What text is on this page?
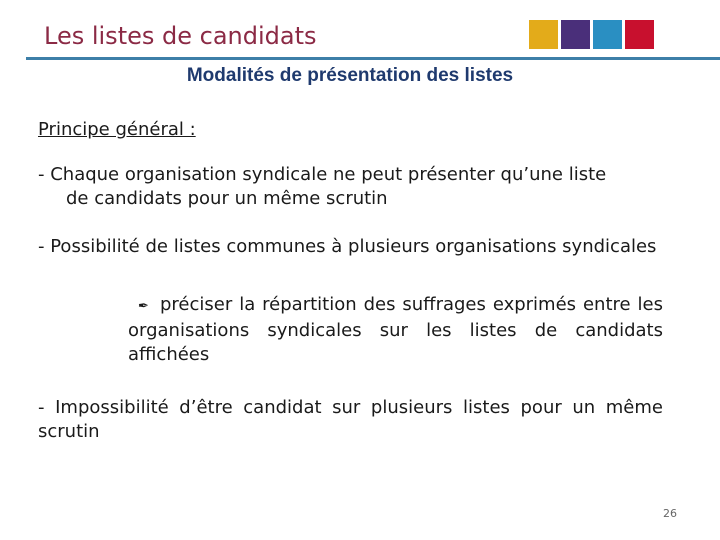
Les listes de candidats
Modalités de présentation des listes
Principe général :
- Chaque organisation syndicale ne peut présenter qu’une liste
de candidats pour un même scrutin
- Possibilité de listes communes à plusieurs organisations syndicales
✒ préciser la répartition des suffrages exprimés entre les organisations syndicales sur les listes de candidats affichées
- Impossibilité d’être candidat sur plusieurs listes pour un même scrutin
26
